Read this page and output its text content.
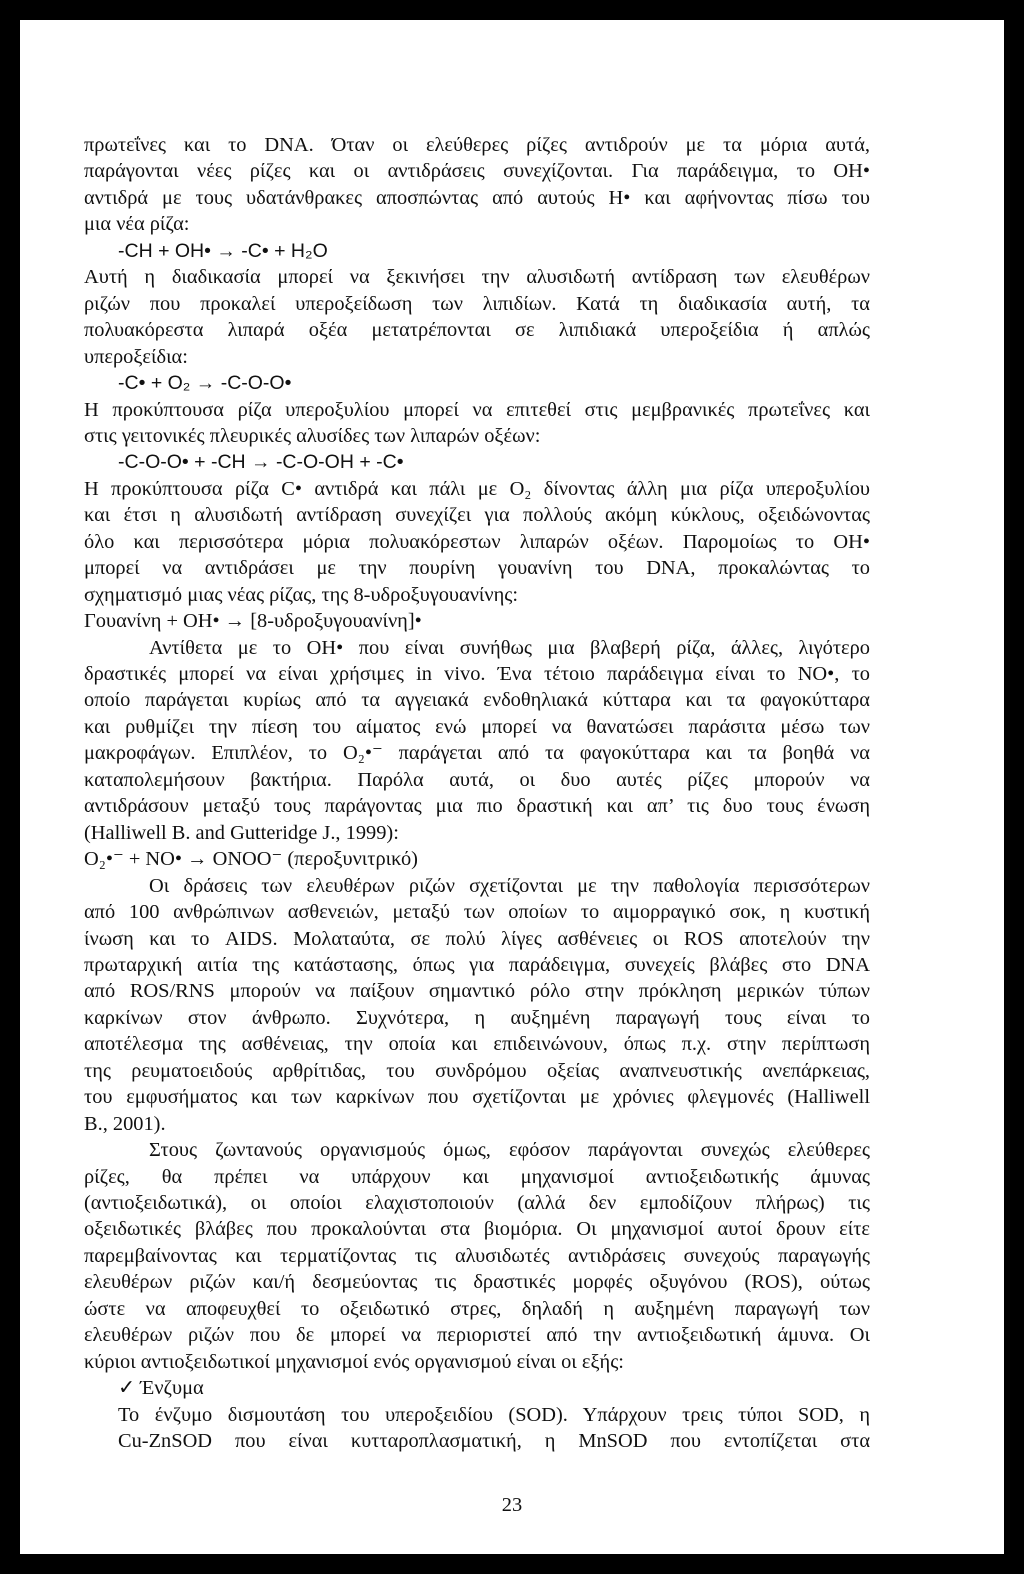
πρωτεΐνες και το DNA. Όταν οι ελεύθερες ρίζες αντιδρούν με τα μόρια αυτά,
παράγονται νέες ρίζες και οι αντιδράσεις συνεχίζονται. Για παράδειγμα, το ΟΗ•
αντιδρά με τους υδατάνθρακες αποσπώντας από αυτούς Η• και αφήνοντας πίσω του
μια νέα ρίζα:
-CH + OH• → -C• + H₂O
Αυτή η διαδικασία μπορεί να ξεκινήσει την αλυσιδωτή αντίδραση των ελευθέρων
ριζών που προκαλεί υπεροξείδωση των λιπιδίων. Κατά τη διαδικασία αυτή, τα
πολυακόρεστα λιπαρά οξέα μετατρέπονται σε λιπιδιακά υπεροξείδια ή απλώς
υπεροξείδια:
-C• + O₂ → -C-O-O•
Η προκύπτουσα ρίζα υπεροξυλίου μπορεί να επιτεθεί στις μεμβρανικές πρωτεΐνες και
στις γειτονικές πλευρικές αλυσίδες των λιπαρών οξέων:
-C-O-O• + -CH → -C-O-OH + -C•
Η προκύπτουσα ρίζα C• αντιδρά και πάλι με O₂ δίνοντας άλλη μια ρίζα υπεροξυλίου
και έτσι η αλυσιδωτή αντίδραση συνεχίζει για πολλούς ακόμη κύκλους, οξειδώνοντας
όλο και περισσότερα μόρια πολυακόρεστων λιπαρών οξέων. Παρομοίως το ΟΗ•
μπορεί να αντιδράσει με την πουρίνη γουανίνη του DNA, προκαλώντας το
σχηματισμό μιας νέας ρίζας, της 8-υδροξυγουανίνης:
Γουανίνη + ΟΗ• → [8-υδροξυγουανίνη]•
Αντίθετα με το ΟΗ• που είναι συνήθως μια βλαβερή ρίζα, άλλες, λιγότερο
δραστικές μπορεί να είναι χρήσιμες in vivo. Ένα τέτοιο παράδειγμα είναι το ΝΟ•, το
οποίο παράγεται κυρίως από τα αγγειακά ενδοθηλιακά κύτταρα και τα φαγοκύτταρα
και ρυθμίζει την πίεση του αίματος ενώ μπορεί να θανατώσει παράσιτα μέσω των
μακροφάγων. Επιπλέον, το O₂•⁻ παράγεται από τα φαγοκύτταρα και τα βοηθά να
καταπολεμήσουν βακτήρια. Παρόλα αυτά, οι δυο αυτές ρίζες μπορούν να
αντιδράσουν μεταξύ τους παράγοντας μια πιο δραστική και απ’ τις δυο τους ένωση
(Halliwell B. and Gutteridge J., 1999):
O₂•⁻ + NO• → ONOO⁻ (περοξυνιτρικό)
Οι δράσεις των ελευθέρων ριζών σχετίζονται με την παθολογία περισσότερων
από 100 ανθρώπινων ασθενειών, μεταξύ των οποίων το αιμορραγικό σοκ, η κυστική
ίνωση και το AIDS. Μολαταύτα, σε πολύ λίγες ασθένειες οι ROS αποτελούν την
πρωταρχική αιτία της κατάστασης, όπως για παράδειγμα, συνεχείς βλάβες στο DNA
από ROS/RNS μπορούν να παίξουν σημαντικό ρόλο στην πρόκληση μερικών τύπων
καρκίνων στον άνθρωπο. Συχνότερα, η αυξημένη παραγωγή τους είναι το
αποτέλεσμα της ασθένειας, την οποία και επιδεινώνουν, όπως π.χ. στην περίπτωση
της ρευματοειδούς αρθρίτιδας, του συνδρόμου οξείας αναπνευστικής ανεπάρκειας,
του εμφυσήματος και των καρκίνων που σχετίζονται με χρόνιες φλεγμονές (Halliwell
B., 2001).
Στους ζωντανούς οργανισμούς όμως, εφόσον παράγονται συνεχώς ελεύθερες
ρίζες, θα πρέπει να υπάρχουν και μηχανισμοί αντιοξειδωτικής άμυνας
(αντιοξειδωτικά), οι οποίοι ελαχιστοποιούν (αλλά δεν εμποδίζουν πλήρως) τις
οξειδωτικές βλάβες που προκαλούνται στα βιομόρια. Οι μηχανισμοί αυτοί δρουν είτε
παρεμβαίνοντας και τερματίζοντας τις αλυσιδωτές αντιδράσεις συνεχούς παραγωγής
ελευθέρων ριζών και/ή δεσμεύοντας τις δραστικές μορφές οξυγόνου (ROS), ούτως
ώστε να αποφευχθεί το οξειδωτικό στρες, δηλαδή η αυξημένη παραγωγή των
ελευθέρων ριζών που δε μπορεί να περιοριστεί από την αντιοξειδωτική άμυνα. Οι
κύριοι αντιοξειδωτικοί μηχανισμοί ενός οργανισμού είναι οι εξής:
✓ Ένζυμα
Το ένζυμο δισμουτάση του υπεροξειδίου (SOD). Υπάρχουν τρεις τύποι SOD, η
Cu-ZnSOD που είναι κυτταροπλασματική, η MnSOD που εντοπίζεται στα
23
